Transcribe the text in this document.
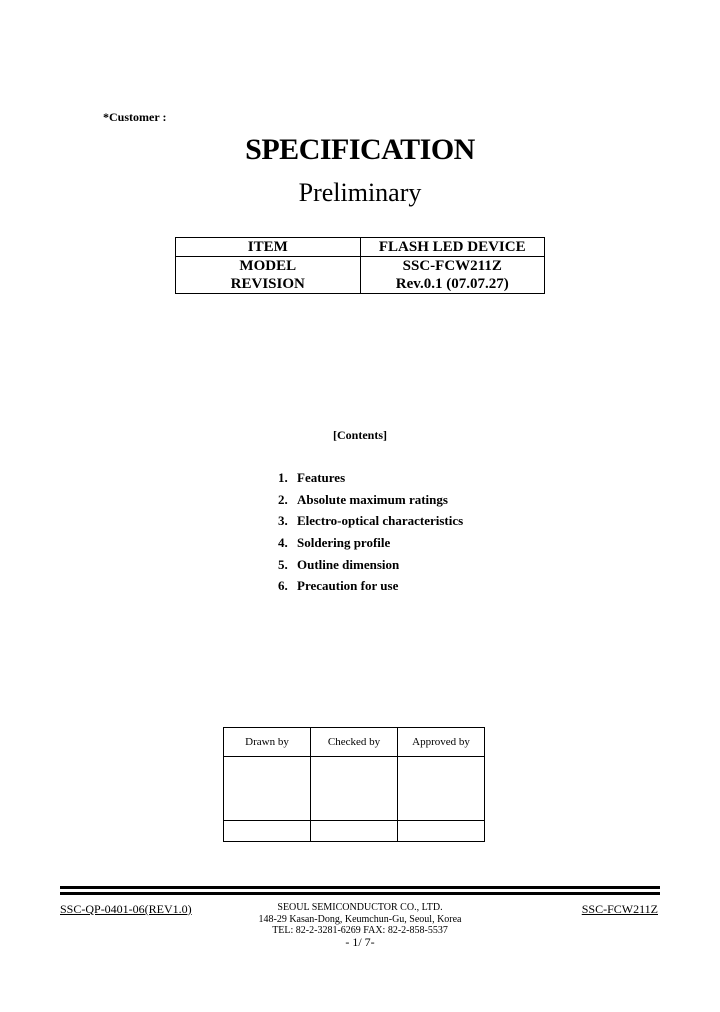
*Customer :
SPECIFICATION
Preliminary
ITEM	FLASH LED DEVICE
MODEL	SSC-FCW211Z
REVISION	Rev.0.1 (07.07.27)
[Contents]
1. Features
2. Absolute maximum ratings
3. Electro-optical characteristics
4. Soldering profile
5. Outline dimension
6. Precaution for use
Drawn by	Checked by	Approved by

SSC-QP-0401-06(REV1.0)	SEOUL SEMICONDUCTOR CO., LTD.
148-29 Kasan-Dong, Keumchun-Gu, Seoul, Korea
TEL: 82-2-3281-6269 FAX: 82-2-858-5537
- 1/ 7-
SSC-FCW211Z
